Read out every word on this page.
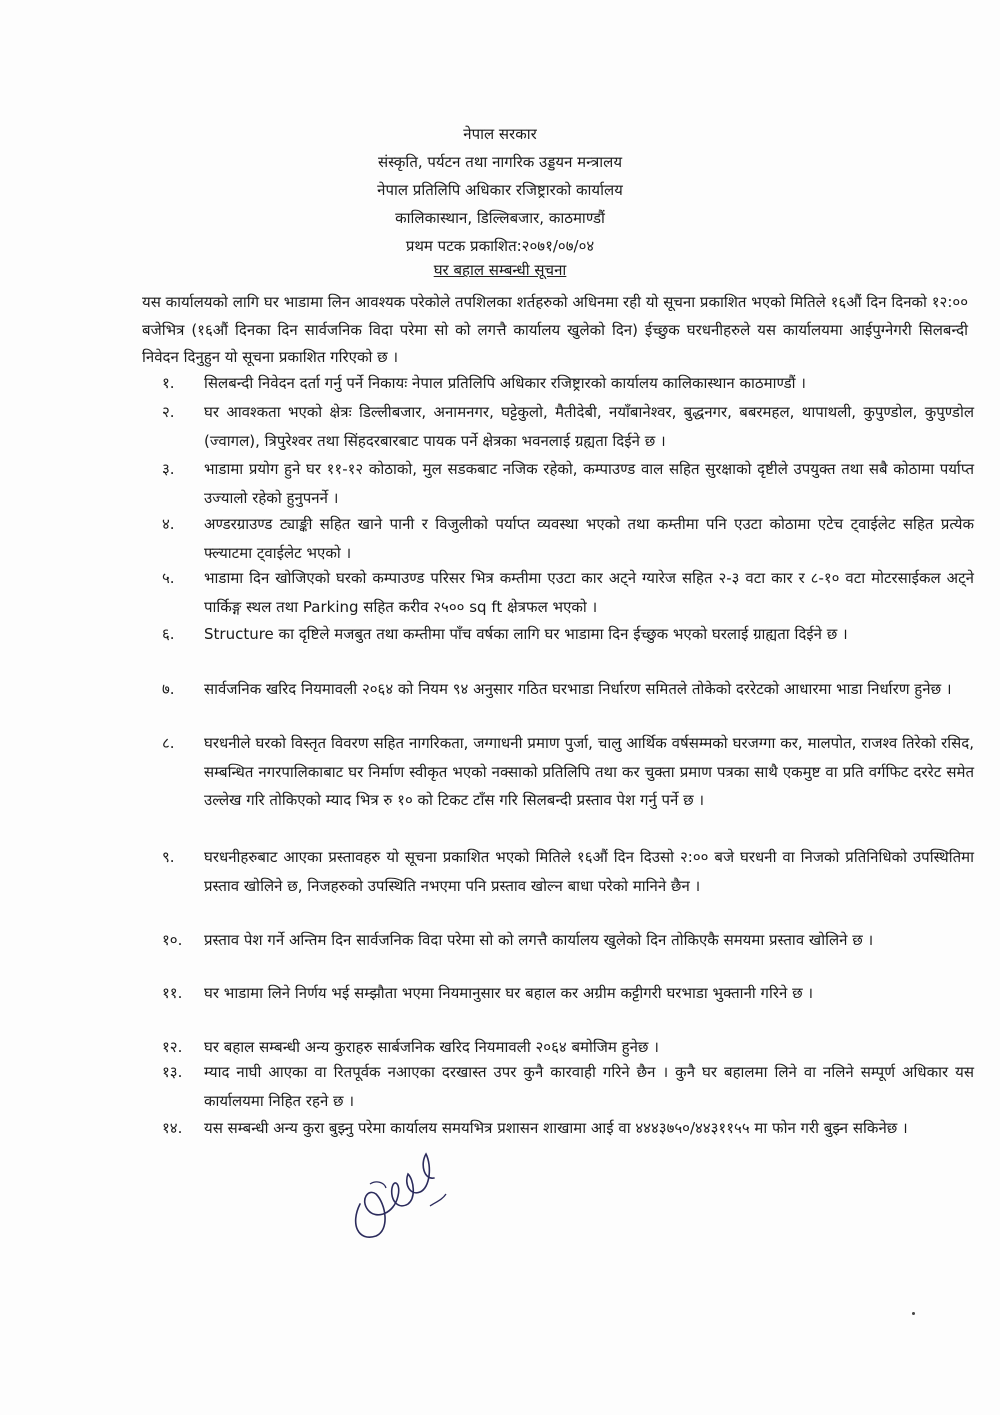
नेपाल सरकार
संस्कृति, पर्यटन तथा नागरिक उड्डयन मन्त्रालय
नेपाल प्रतिलिपि अधिकार रजिष्ट्रारको कार्यालय
कालिकास्थान, डिल्लिबजार, काठमाण्डौं
प्रथम पटक प्रकाशित:२०७१/०७/०४
घर बहाल सम्बन्धी सूचना

यस कार्यालयको लागि घर भाडामा लिन आवश्यक परेकोले तपशिलका शर्तहरुको अधिनमा रही यो सूचना प्रकाशित भएको मितिले १६औं दिन दिनको १२:०० बजेभित्र (१६औं दिनका दिन सार्वजनिक विदा परेमा सो को लगत्तै कार्यालय खुलेको दिन) ईच्छुक घरधनीहरुले यस कार्यालयमा आईपुग्नेगरी सिलबन्दी निवेदन दिनुहुन यो सूचना प्रकाशित गरिएको छ ।

१.	सिलबन्दी निवेदन दर्ता गर्नु पर्ने निकायः नेपाल प्रतिलिपि अधिकार रजिष्ट्रारको कार्यालय कालिकास्थान काठमाण्डौं ।
२.	घर आवश्कता भएको क्षेत्रः डिल्लीबजार, अनामनगर, घट्टेकुलो, मैतीदेबी, नयाँबानेश्वर, बुद्धनगर, बबरमहल, थापाथली, कुपुण्डोल, कुपुण्डोल (ज्वागल), त्रिपुरेश्वर तथा सिंहदरबारबाट पायक पर्ने क्षेत्रका भवनलाई ग्रह्यता दिईने छ ।
३.	भाडामा प्रयोग हुने घर ११-१२ कोठाको, मुल सडकबाट नजिक रहेको, कम्पाउण्ड वाल सहित सुरक्षाको दृष्टीले उपयुक्त तथा सबै कोठामा पर्याप्त उज्यालो रहेको हुनुपनर्ने ।
४.	अण्डरग्राउण्ड ट्याङ्की सहित खाने पानी र विजुलीको पर्याप्त व्यवस्था भएको तथा कम्तीमा पनि एउटा कोठामा एटेच ट्वाईलेट सहित प्रत्येक फ्ल्याटमा ट्वाईलेट भएको ।
५.	भाडामा दिन खोजिएको घरको कम्पाउण्ड परिसर भित्र कम्तीमा एउटा कार अट्ने ग्यारेज सहित २-३ वटा कार र ८-१० वटा मोटरसाईकल अट्ने पार्किङ्ग स्थल तथा Parking सहित करीव २५०० sq ft क्षेत्रफल भएको ।
६.	Structure का दृष्टिले मजबुत तथा कम्तीमा पाँच वर्षका लागि घर भाडामा दिन ईच्छुक भएको घरलाई ग्राह्यता दिईने छ ।
७.	सार्वजनिक खरिद नियमावली २०६४ को नियम ९४ अनुसार गठित घरभाडा निर्धारण समितले तोकेको दररेटको आधारमा भाडा निर्धारण हुनेछ ।
८.	घरधनीले घरको विस्तृत विवरण सहित नागरिकता, जग्गाधनी प्रमाण पुर्जा, चालु आर्थिक वर्षसम्मको घरजग्गा कर, मालपोत, राजश्व तिरेको रसिद, सम्बन्धित नगरपालिकाबाट घर निर्माण स्वीकृत भएको नक्साको प्रतिलिपि तथा कर चुक्ता प्रमाण पत्रका साथै एकमुष्ट वा प्रति वर्गफिट दररेट समेत उल्लेख गरि तोकिएको म्याद भित्र रु १० को टिकट टाँस गरि सिलबन्दी प्रस्ताव पेश गर्नु पर्ने छ ।
९.	घरधनीहरुबाट आएका प्रस्तावहरु यो सूचना प्रकाशित भएको मितिले १६औं दिन दिउसो २:०० बजे घरधनी वा निजको प्रतिनिधिको उपस्थितिमा प्रस्ताव खोलिने छ, निजहरुको उपस्थिति नभएमा पनि प्रस्ताव खोल्न बाधा परेको मानिने छैन ।
१०.	प्रस्ताव पेश गर्ने अन्तिम दिन सार्वजनिक विदा परेमा सो को लगत्तै कार्यालय खुलेको दिन तोकिएकै समयमा प्रस्ताव खोलिने छ ।
११.	घर भाडामा लिने निर्णय भई सम्झौता भएमा नियमानुसार घर बहाल कर अग्रीम कट्टीगरी घरभाडा भुक्तानी गरिने छ ।
१२.	घर बहाल सम्बन्धी अन्य कुराहरु सार्बजनिक खरिद नियमावली २०६४ बमोजिम हुनेछ ।
१३.	म्याद नाघी आएका वा रितपूर्वक नआएका दरखास्त उपर कुनै कारवाही गरिने छैन । कुनै घर बहालमा लिने वा नलिने सम्पूर्ण अधिकार यस कार्यालयमा निहित रहने छ ।
१४.	यस सम्बन्धी अन्य कुरा बुझ्नु परेमा कार्यालय समयभित्र प्रशासन शाखामा आई वा ४४४३७५०/४४३११५५ मा फोन गरी बुझ्न सकिनेछ ।
